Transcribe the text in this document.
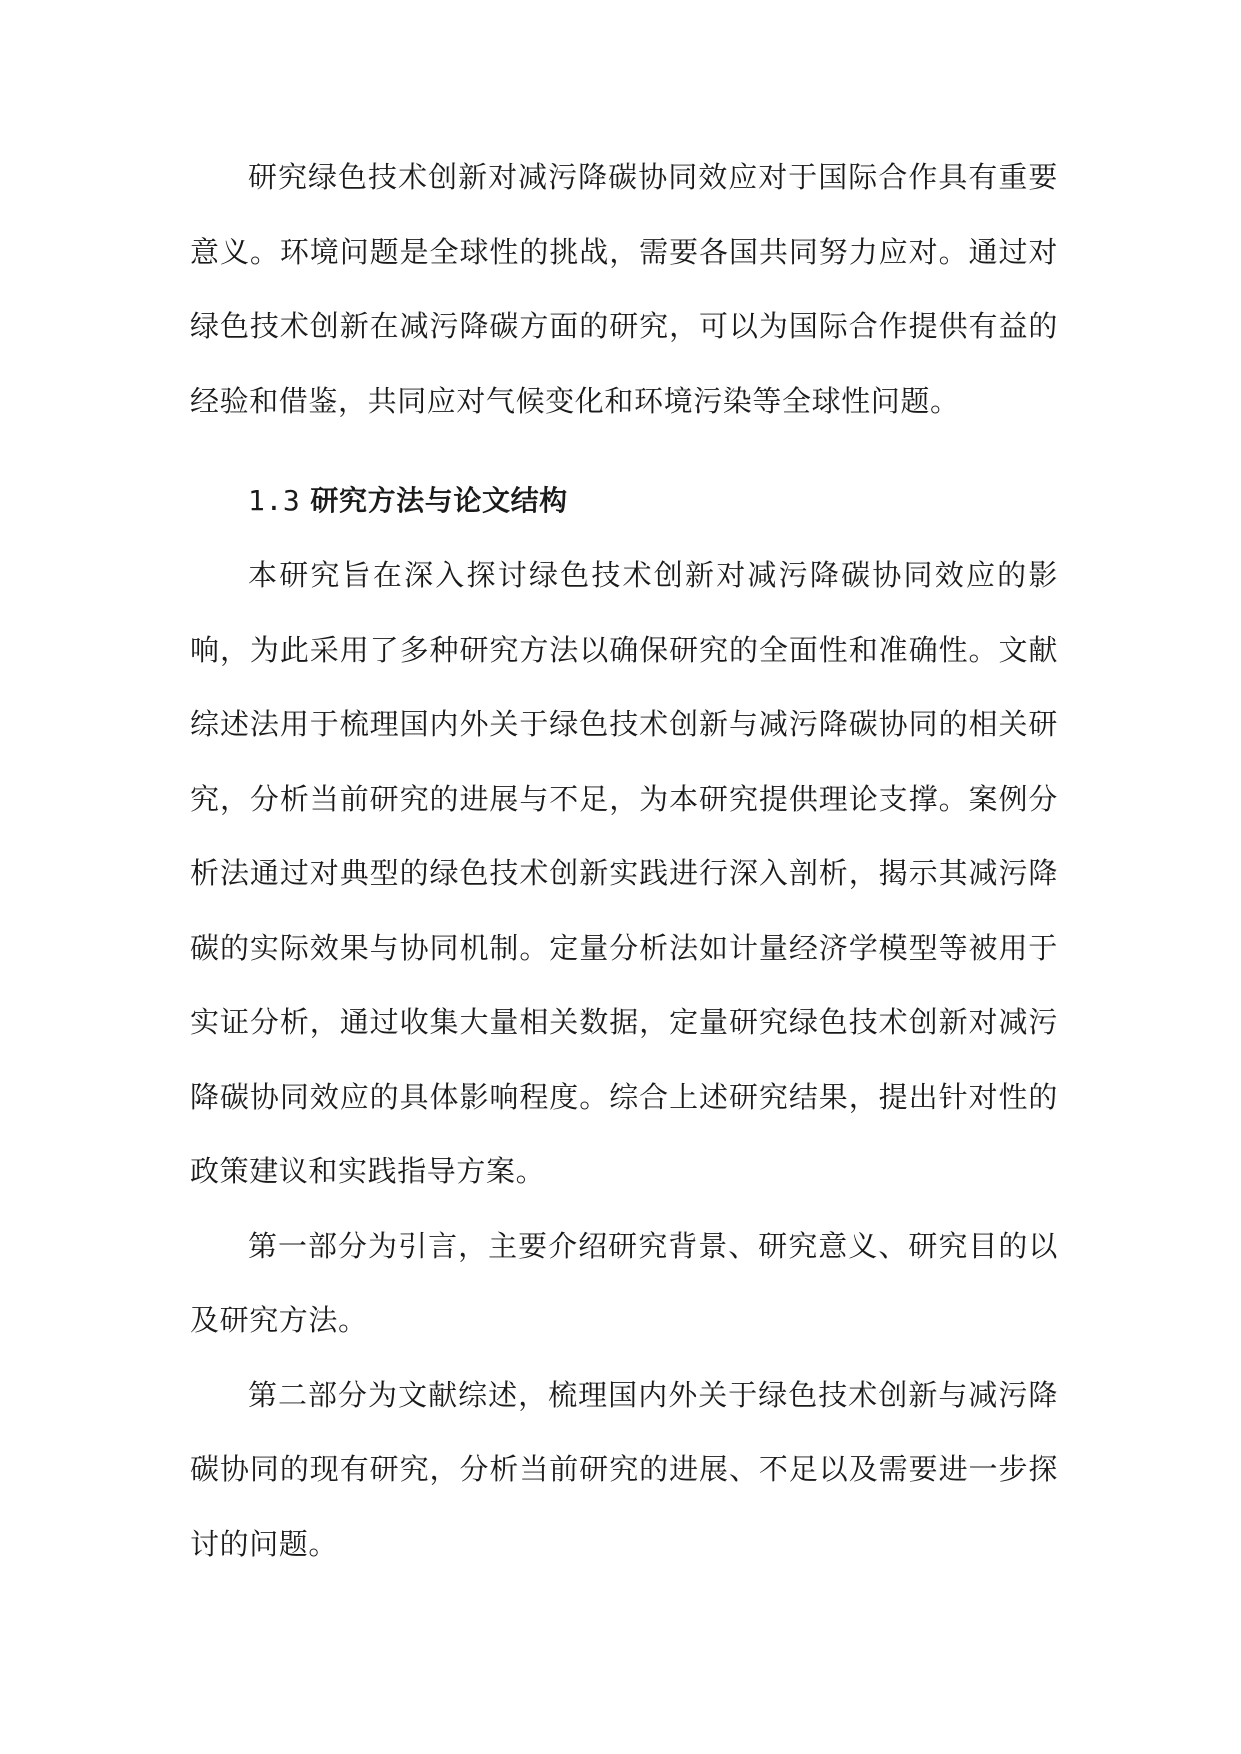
研究绿色技术创新对减污降碳协同效应对于国际合作具有重要意义。环境问题是全球性的挑战，需要各国共同努力应对。通过对绿色技术创新在减污降碳方面的研究，可以为国际合作提供有益的经验和借鉴，共同应对气候变化和环境污染等全球性问题。

1.3 研究方法与论文结构

本研究旨在深入探讨绿色技术创新对减污降碳协同效应的影响，为此采用了多种研究方法以确保研究的全面性和准确性。文献综述法用于梳理国内外关于绿色技术创新与减污降碳协同的相关研究，分析当前研究的进展与不足，为本研究提供理论支撑。案例分析法通过对典型的绿色技术创新实践进行深入剖析，揭示其减污降碳的实际效果与协同机制。定量分析法如计量经济学模型等被用于实证分析，通过收集大量相关数据，定量研究绿色技术创新对减污降碳协同效应的具体影响程度。综合上述研究结果，提出针对性的政策建议和实践指导方案。

第一部分为引言，主要介绍研究背景、研究意义、研究目的以及研究方法。

第二部分为文献综述，梳理国内外关于绿色技术创新与减污降碳协同的现有研究，分析当前研究的进展、不足以及需要进一步探讨的问题。
